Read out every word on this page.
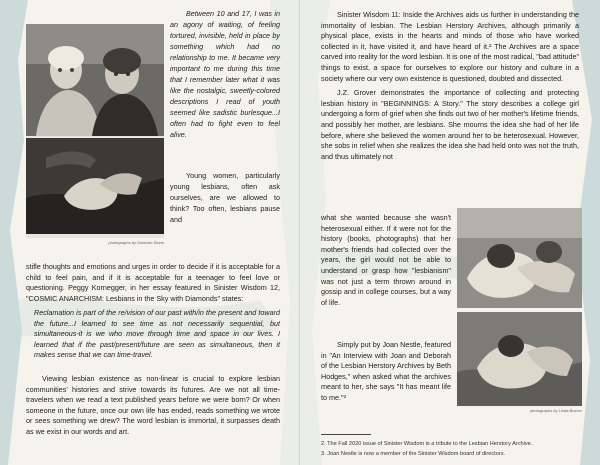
photographs by Deborah Stone

Between 10 and 17, I was in an agony of waiting, of feeling tortured, invisible, held in place by something which had no relationship to me. It became very important to me during this time that I remember later what it was like the nostalgic, sweetly-colored descriptions I read of youth seemed like sadistic burlesque...I often had to fight even to feel alive.

Young women, particularly young lesbians, often ask ourselves, are we allowed to think? Too often, lesbians pause and

stifle thoughts and emotions and urges in order to decide if it is acceptable for a child to feel pain, and if it is acceptable for a teenager to feel love or questioning. Peggy Kornegger, in her essay featured in Sinister Wisdom 12, "COSMIC ANARCHISM: Lesbians in the Sky with Diamonds" states:

Reclamation is part of the re/vision of our past with/in the present and toward the future...I learned to see time as not necessarily sequential, but simultaneous-it is we who move through time and space in our lives. I learned that if the past/present/future are seen as simultaneous, then it makes sense that we can time-travel.

Viewing lesbian existence as non-linear is crucial to explore lesbian communities' histories and strive towards its futures. Are we not all time-travelers when we read a text published years before we were born? Or when someone in the future, once our own life has ended, reads something we wrote or sees something we drew? The word lesbian is immortal, it surpasses death as we exist in our words and art.

Sinister Wisdom 11: Inside the Archives aids us further in understanding the immortality of lesbian. The Lesbian Herstory Archives, although primarily a physical place, exists in the hearts and minds of those who have worked collected in it, have visited it, and have heard of it.² The Archives are a space carved into reality for the word lesbian. It is one of the most radical, "bad attitude" things to exist, a space for ourselves to explore our history and culture in a society where our very own existence is questioned, doubted and dissected.

J.Z. Grover demonstrates the importance of collecting and protecting lesbian history in "BEGINNINGS: A Story." The story describes a college girl undergoing a form of grief when she finds out two of her mother's lifetime friends, and possibly her mother, are lesbians. She mourns the idea she had of her life before, where she believed the women around her to be heterosexual. However, she sobs in relief when she realizes the idea she had held onto was not the truth, and thus ultimately not

what she wanted because she wasn't heterosexual either. If it were not for the history (books, photographs) that her mother's friends had collected over the years, the girl would not be able to understand or grasp how "lesbianism" was not just a term thrown around in gossip and in college courses, but a way of life.

Simply put by Joan Nestle, featured in "An Interview with Joan and Deborah of the Lesbian Herstory Archives by Beth Hodges," when asked what the archives meant to her, she says "It has meant life to me."³

photographs by Linda Buscer
2. The Fall 2020 issue of Sinister Wisdom is a tribute to the Lesbian Herstory Archive.
3. Joan Nestle is now a member of the Sinister Wisdom board of directors.
